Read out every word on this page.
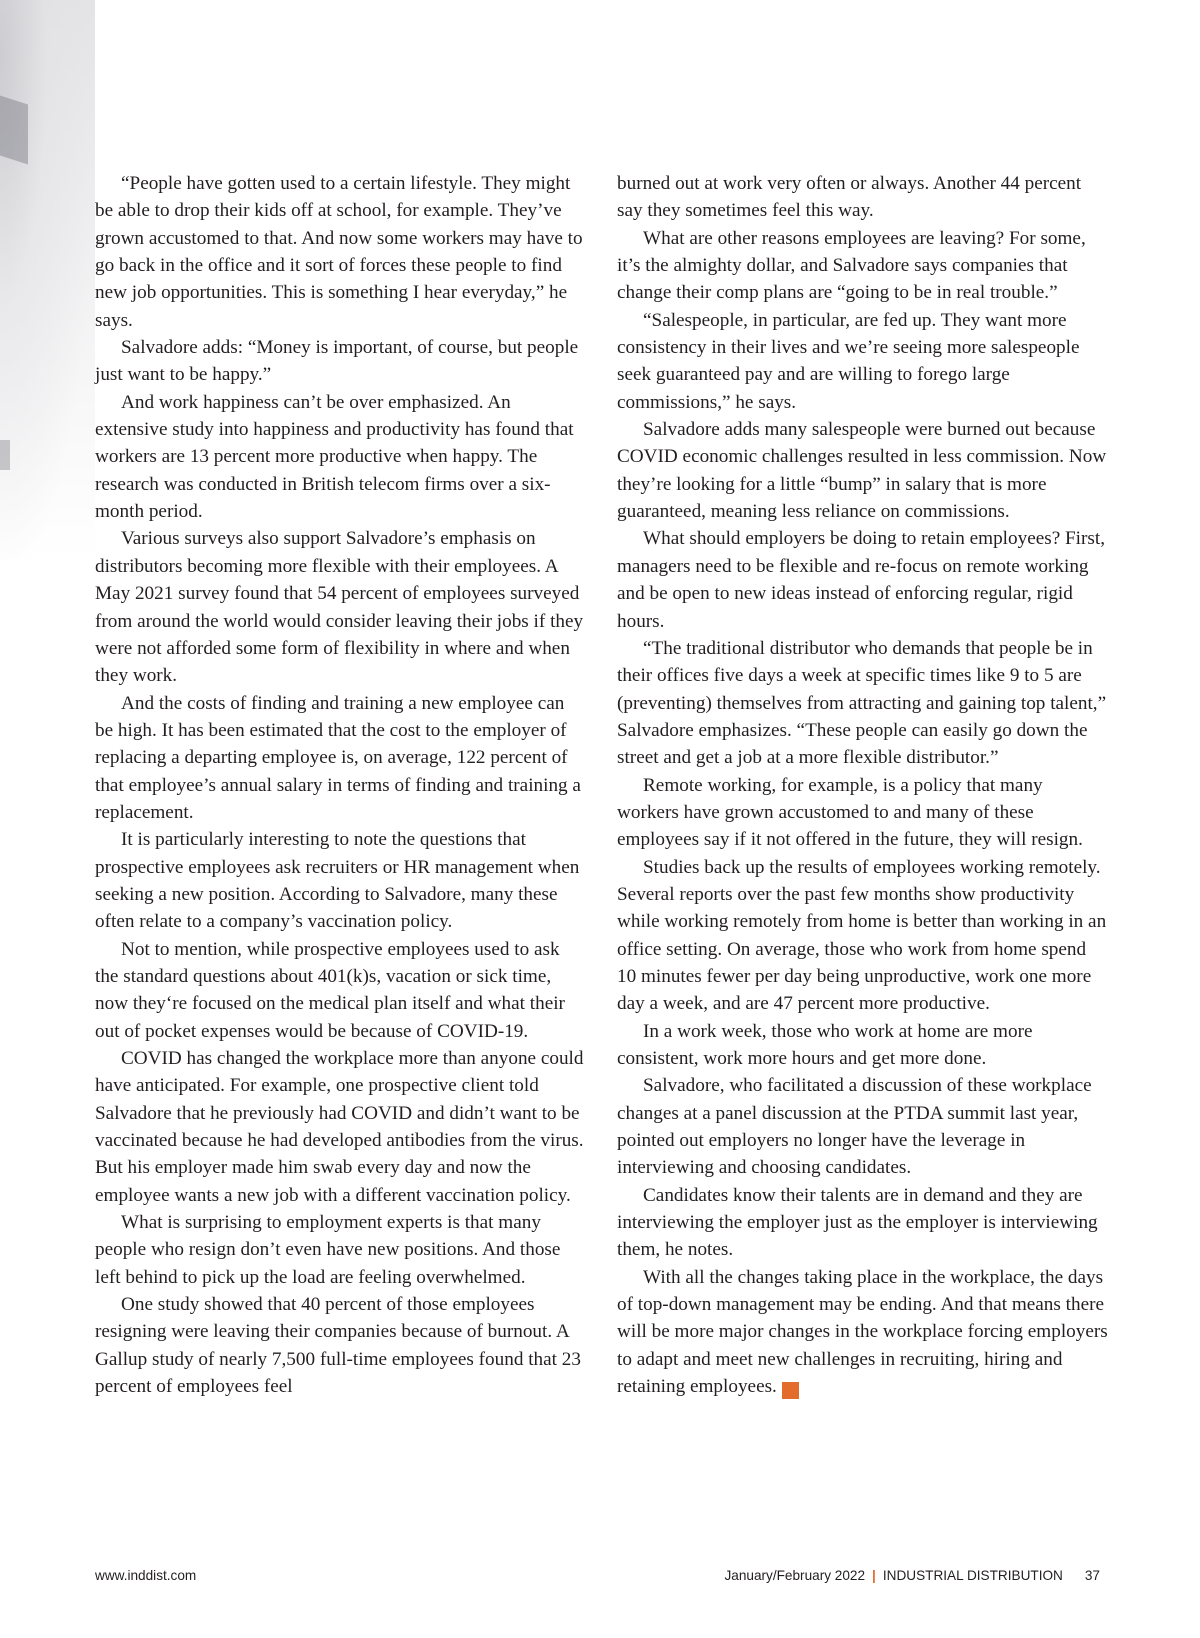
“People have gotten used to a certain lifestyle. They might be able to drop their kids off at school, for example. They’ve grown accustomed to that. And now some workers may have to go back in the office and it sort of forces these people to find new job opportunities. This is something I hear everyday,” he says.

Salvadore adds: “Money is important, of course, but people just want to be happy.”

And work happiness can’t be over emphasized. An extensive study into happiness and productivity has found that workers are 13 percent more productive when happy. The research was conducted in British telecom firms over a six-month period.

Various surveys also support Salvadore’s emphasis on distributors becoming more flexible with their employees. A May 2021 survey found that 54 percent of employees surveyed from around the world would consider leaving their jobs if they were not afforded some form of flexibility in where and when they work.

And the costs of finding and training a new employee can be high. It has been estimated that the cost to the employer of replacing a departing employee is, on average, 122 percent of that employee’s annual salary in terms of finding and training a replacement.

It is particularly interesting to note the questions that prospective employees ask recruiters or HR management when seeking a new position. According to Salvadore, many these often relate to a company’s vaccination policy.

Not to mention, while prospective employees used to ask the standard questions about 401(k)s, vacation or sick time, now they‘re focused on the medical plan itself and what their out of pocket expenses would be because of COVID-19.

COVID has changed the workplace more than anyone could have anticipated. For example, one prospective client told Salvadore that he previously had COVID and didn’t want to be vaccinated because he had developed antibodies from the virus. But his employer made him swab every day and now the employee wants a new job with a different vaccination policy.

What is surprising to employment experts is that many people who resign don’t even have new positions. And those left behind to pick up the load are feeling overwhelmed.

One study showed that 40 percent of those employees resigning were leaving their companies because of burnout. A Gallup study of nearly 7,500 full-time employees found that 23 percent of employees feel

burned out at work very often or always. Another 44 percent say they sometimes feel this way.

What are other reasons employees are leaving? For some, it’s the almighty dollar, and Salvadore says companies that change their comp plans are “going to be in real trouble.”

“Salespeople, in particular, are fed up. They want more consistency in their lives and we’re seeing more salespeople seek guaranteed pay and are willing to forego large commissions,” he says.

Salvadore adds many salespeople were burned out because COVID economic challenges resulted in less commission. Now they’re looking for a little “bump” in salary that is more guaranteed, meaning less reliance on commissions.

What should employers be doing to retain employees? First, managers need to be flexible and re-focus on remote working and be open to new ideas instead of enforcing regular, rigid hours.

“The traditional distributor who demands that people be in their offices five days a week at specific times like 9 to 5 are (preventing) themselves from attracting and gaining top talent,” Salvadore emphasizes. “These people can easily go down the street and get a job at a more flexible distributor.”

Remote working, for example, is a policy that many workers have grown accustomed to and many of these employees say if it not offered in the future, they will resign.

Studies back up the results of employees working remotely. Several reports over the past few months show productivity while working remotely from home is better than working in an office setting. On average, those who work from home spend 10 minutes fewer per day being unproductive, work one more day a week, and are 47 percent more productive.

In a work week, those who work at home are more consistent, work more hours and get more done.

Salvadore, who facilitated a discussion of these workplace changes at a panel discussion at the PTDA summit last year, pointed out employers no longer have the leverage in interviewing and choosing candidates.

Candidates know their talents are in demand and they are interviewing the employer just as the employer is interviewing them, he notes.

With all the changes taking place in the workplace, the days of top-down management may be ending. And that means there will be more major changes in the workplace forcing employers to adapt and meet new challenges in recruiting, hiring and retaining employees.	ID

www.inddist.com	January/February 2022 | INDUSTRIAL DISTRIBUTION 37
